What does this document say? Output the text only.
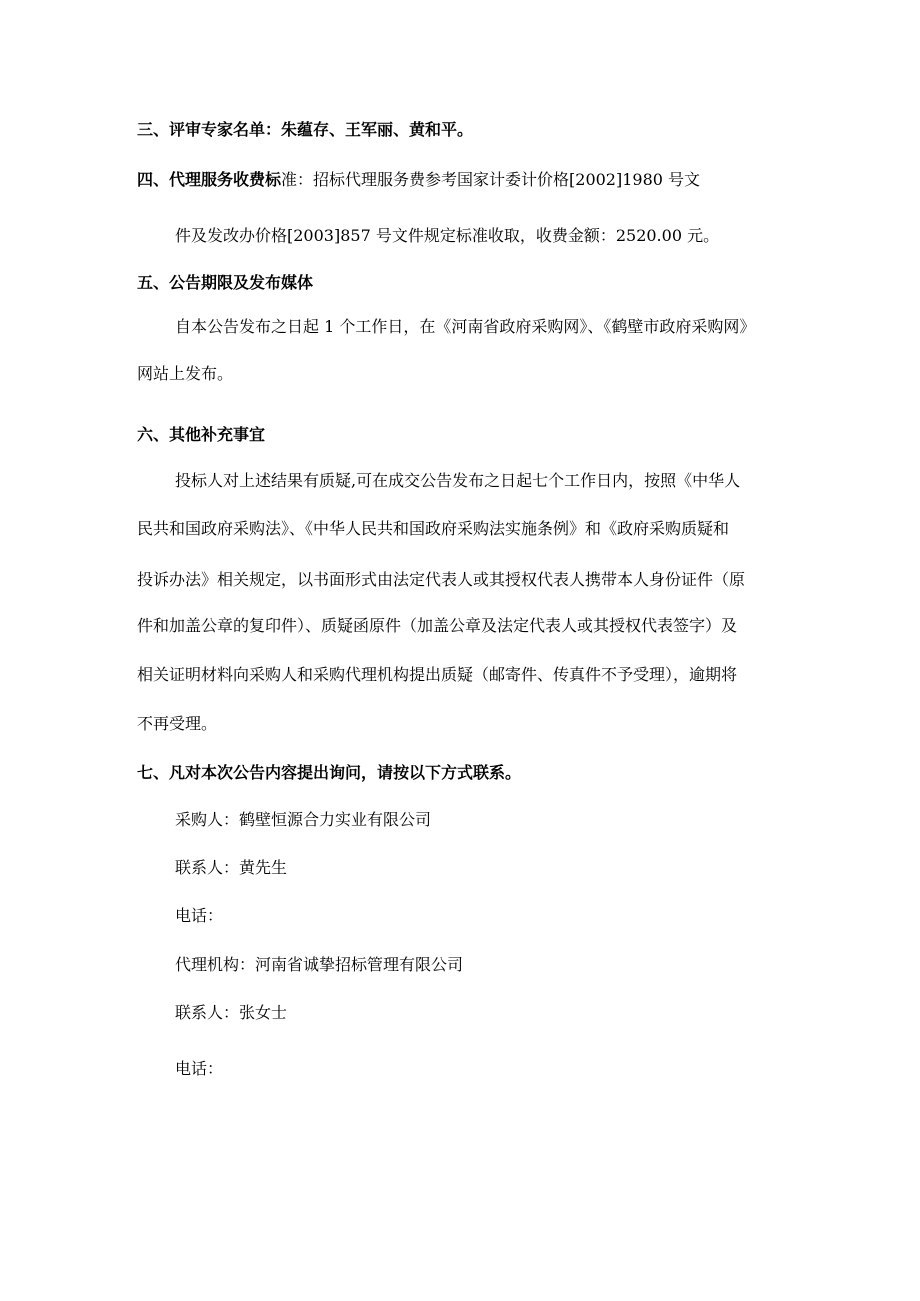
三、评审专家名单：朱蕴存、王军丽、黄和平。
四、代理服务收费标准：招标代理服务费参考国家计委计价格[2002]1980 号文
件及发改办价格[2003]857 号文件规定标准收取，收费金额：2520.00 元。
五、公告期限及发布媒体
自本公告发布之日起 1 个工作日，在《河南省政府采购网》、《鹤壁市政府采购网》
网站上发布。
六、其他补充事宜
投标人对上述结果有质疑,可在成交公告发布之日起七个工作日内，按照《中华人
民共和国政府采购法》、《中华人民共和国政府采购法实施条例》和《政府采购质疑和
投诉办法》相关规定，以书面形式由法定代表人或其授权代表人携带本人身份证件（原
件和加盖公章的复印件）、质疑函原件（加盖公章及法定代表人或其授权代表签字）及
相关证明材料向采购人和采购代理机构提出质疑（邮寄件、传真件不予受理），逾期将
不再受理。
七、凡对本次公告内容提出询问，请按以下方式联系。
采购人：鹤壁恒源合力实业有限公司
联系人：黄先生
电话：
代理机构：河南省诚挚招标管理有限公司
联系人：张女士
电话：
